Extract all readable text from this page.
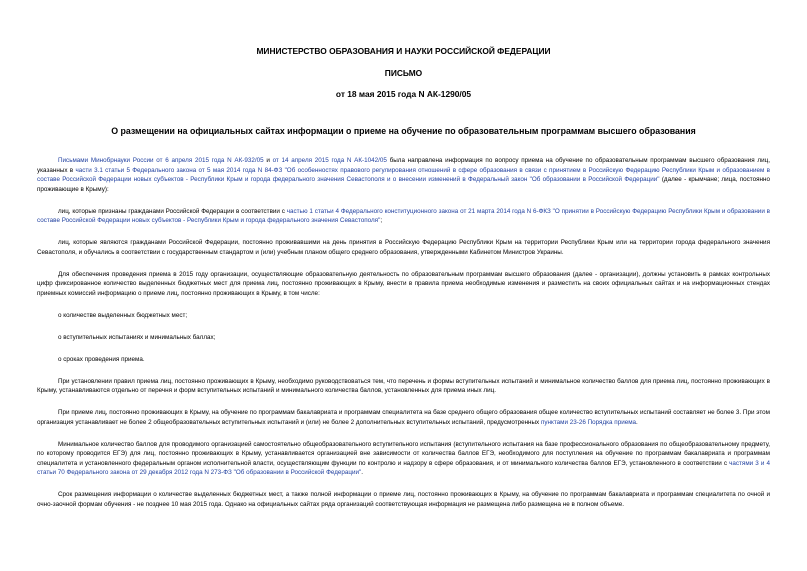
МИНИСТЕРСТВО ОБРАЗОВАНИЯ И НАУКИ РОССИЙСКОЙ ФЕДЕРАЦИИ
ПИСЬМО
от 18 мая 2015 года N АК-1290/05
О размещении на официальных сайтах информации о приеме на обучение по образовательным программам высшего образования

Письмами Минобрнауки России от 6 апреля 2015 года N АК-932/05 и от 14 апреля 2015 года N АК-1042/05 была направлена информация по вопросу приема на обучение по образовательным программам высшего образования лиц, указанных в части 3.1 статьи 5 Федерального закона от 5 мая 2014 года N 84-ФЗ "Об особенностях правового регулирования отношений в сфере образования в связи с принятием в Российскую Федерацию Республики Крым и образованием в составе Российской Федерации новых субъектов - Республики Крым и города федерального значения Севастополя и о внесении изменений в Федеральный закон "Об образовании в Российской Федерации" (далее - крымчане; лица, постоянно проживающие в Крыму):

лиц, которые признаны гражданами Российской Федерации в соответствии с частью 1 статьи 4 Федерального конституционного закона от 21 марта 2014 года N 6-ФКЗ "О принятии в Российскую Федерацию Республики Крым и образовании в составе Российской Федерации новых субъектов - Республики Крым и города федерального значения Севастополя";

лиц, которые являются гражданами Российской Федерации, постоянно проживавшими на день принятия в Российскую Федерацию Республики Крым на территории Республики Крым или на территории города федерального значения Севастополя, и обучались в соответствии с государственным стандартом и (или) учебным планом общего среднего образования, утвержденными Кабинетом Министров Украины.

Для обеспечения проведения приема в 2015 году организации, осуществляющие образовательную деятельность по образовательным программам высшего образования (далее - организации), должны установить в рамках контрольных цифр фиксированное количество выделенных бюджетных мест для приема лиц, постоянно проживающих в Крыму, внести в правила приема необходимые изменения и разместить на своих официальных сайтах и на информационных стендах приемных комиссий информацию о приеме лиц, постоянно проживающих в Крыму, в том числе:

о количестве выделенных бюджетных мест;

о вступительных испытаниях и минимальных баллах;

о сроках проведения приема.

При установлении правил приема лиц, постоянно проживающих в Крыму, необходимо руководствоваться тем, что перечень и формы вступительных испытаний и минимальное количество баллов для приема лиц, постоянно проживающих в Крыму, устанавливаются отдельно от перечня и форм вступительных испытаний и минимального количества баллов, установленных для приема иных лиц.

При приеме лиц, постоянно проживающих в Крыму, на обучение по программам бакалавриата и программам специалитета на базе среднего общего образования общее количество вступительных испытаний составляет не более 3. При этом организация устанавливает не более 2 общеобразовательных вступительных испытаний и (или) не более 2 дополнительных вступительных испытаний, предусмотренных пунктами 23-26 Порядка приема.

Минимальное количество баллов для проводимого организацией самостоятельно общеобразовательного вступительного испытания (вступительного испытания на базе профессионального образования по общеобразовательному предмету, по которому проводится ЕГЭ) для лиц, постоянно проживающих в Крыму, устанавливается организацией вне зависимости от количества баллов ЕГЭ, необходимого для поступления на обучение по программам бакалавриата и программам специалитета и установленного федеральным органом исполнительной власти, осуществляющим функции по контролю и надзору в сфере образования, и от минимального количества баллов ЕГЭ, установленного в соответствии с частями 3 и 4 статьи 70 Федерального закона от 29 декабря 2012 года N 273-ФЗ "Об образовании в Российской Федерации".

Срок размещения информации о количестве выделенных бюджетных мест, а также полной информации о приеме лиц, постоянно проживающих в Крыму, на обучение по программам бакалавриата и программам специалитета по очной и очно-заочной формам обучения - не позднее 10 мая 2015 года. Однако на официальных сайтах ряда организаций соответствующая информация не размещена либо размещена не в полном объеме.
